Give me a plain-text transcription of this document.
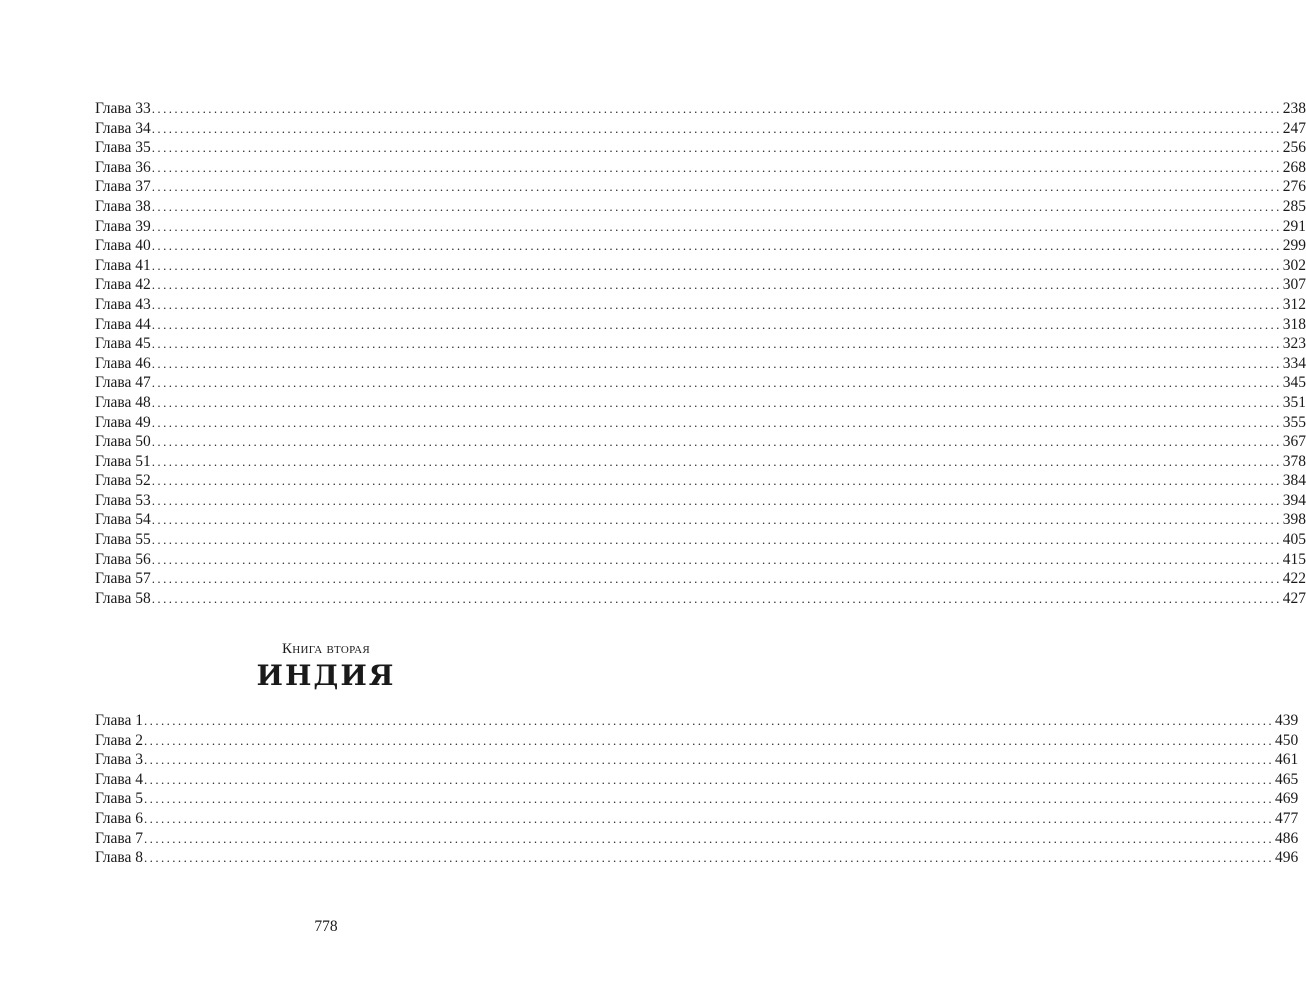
Глава 33 ........................................................................................................................................................................................................ 238
Глава 34 ........................................................................................................................................................................................................ 247
Глава 35 ........................................................................................................................................................................................................ 256
Глава 36 ........................................................................................................................................................................................................ 268
Глава 37 ........................................................................................................................................................................................................ 276
Глава 38 ........................................................................................................................................................................................................ 285
Глава 39 ........................................................................................................................................................................................................ 291
Глава 40 ........................................................................................................................................................................................................ 299
Глава 41 ........................................................................................................................................................................................................ 302
Глава 42 ........................................................................................................................................................................................................ 307
Глава 43 ........................................................................................................................................................................................................ 312
Глава 44 ........................................................................................................................................................................................................ 318
Глава 45 ........................................................................................................................................................................................................ 323
Глава 46 ........................................................................................................................................................................................................ 334
Глава 47 ........................................................................................................................................................................................................ 345
Глава 48 ........................................................................................................................................................................................................ 351
Глава 49 ........................................................................................................................................................................................................ 355
Глава 50 ........................................................................................................................................................................................................ 367
Глава 51 ........................................................................................................................................................................................................ 378
Глава 52 ........................................................................................................................................................................................................ 384
Глава 53 ........................................................................................................................................................................................................ 394
Глава 54 ........................................................................................................................................................................................................ 398
Глава 55 ........................................................................................................................................................................................................ 405
Глава 56 ........................................................................................................................................................................................................ 415
Глава 57 ........................................................................................................................................................................................................ 422
Глава 58 ........................................................................................................................................................................................................ 427
Книга вторая
ИНДИЯ
Глава 1 ........................................................................................................................................................................................................ 439
Глава 2 ........................................................................................................................................................................................................ 450
Глава 3 ........................................................................................................................................................................................................ 461
Глава 4 ........................................................................................................................................................................................................ 465
Глава 5 ........................................................................................................................................................................................................ 469
Глава 6 ........................................................................................................................................................................................................ 477
Глава 7 ........................................................................................................................................................................................................ 486
Глава 8 ........................................................................................................................................................................................................ 496
778
